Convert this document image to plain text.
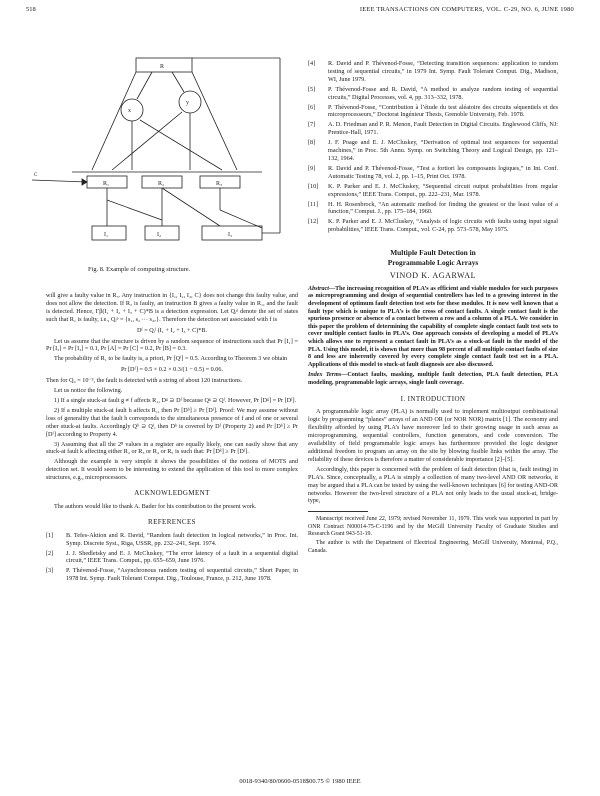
518	IEEE TRANSACTIONS ON COMPUTERS, VOL. C-29, NO. 6, JUNE 1980
R
x
y
R₁	R₂	R₃
C
I₁	I₂	I₃
Fig. 8. Example of computing structure.

will give a faulty value in R₃. Any instruction in {I₁, I₂, I₃, C} does not change this faulty value, and does not allow the detection. If R₂ is faulty, an instruction B gives a faulty value in R₁, and the fault is detected. Hence, Γβ(I₁ + I₂ + I₃ + C)*B is a detection expression. Let Qᵢᵖ denote the set of states such that R₁ is faulty, i.e., Qᵢᵖ = {s₁, s₂ ··· s₄₇}. Therefore the detection set associated with f is

Dᶠ = Qᵢᶠ (I₁ + I₂ + I₃ + C)*B.

Let us assume that the structure is driven by a random sequence of instructions such that Pr [I₁] = Pr [I₂] = Pr [I₃] = 0.1, Pr [A] = Pr [C] = 0.2, Pr [B] = 0.3.

The probability of R₁ to be faulty is, a priori, Pr [Qᶠ] = 0.5. According to Theorem 3 we obtain

Pr [Dᶠ] = 0.5 × 0.2 × 0.3/(1 − 0.5) = 0.06.

Then for Q₀ = 10⁻³, the fault is detected with a string of about 120 instructions.

Let us notice the following.

1) If a single stuck-at fault g ≠ f affects R₁, Dᵍ ⊇ Dᶠ because Qᵍ ⊇ Qᶠ. However, Pr [Dᵍ] = Pr [Dᶠ].

2) If a multiple stuck-at fault h affects R₁, then Pr [Dʰ] ≥ Pr [Dᶠ]. Proof: We may assume without loss of generality that the fault h corresponds to the simultaneous presence of f and of one or several other stuck-at faults. Accordingly Qʰ ⊇ Qᶠ, then Dʰ is covered by Dᶠ (Property 2) and Pr [Dʰ] ≥ Pr [Dᶠ] according to Property 4.

3) Assuming that all the 2⁸ values in a register are equally likely, one can easily show that any stuck-at fault k affecting either R₂ or R₃ or R₄ or R₅ is such that: Pr [Dᵏ] ≥ Pr [Dᶠ].

Although the example is very simple it shows the possibilities of the notions of MOTS and detection set. It would seem to be interesting to extend the application of this tool to more complex structures, e.g., microprocessors.

ACKNOWLEDGMENT

The authors would like to thank A. Bader for his contribution to the present work.

REFERENCES
[1] B. Tefes-Aktion and R. David, “Random fault detection in logical networks,” in Proc. Int. Symp. Discrete Syst., Riga, USSR, pp. 232–241, Sept. 1974.
[2] J. J. Shedletsky and E. J. McCluskey, “The error latency of a fault in a sequential digital circuit,” IEEE Trans. Comput., pp. 655–659, June 1976.
[3] P. Thévenod-Fosse, “Asynchronous random testing of sequential circuits,” Short Paper, in 1978 Int. Symp. Fault Tolerant Comput. Dig., Toulouse, France, p. 212, June 1978.
[4] R. David and P. Thévenod-Fosse, “Detecting transition sequences: application to random testing of sequential circuits,” in 1979 Int. Symp. Fault Tolerant Comput. Dig., Madison, WI, June 1979.
[5] P. Thévenod-Fosse and R. David, “A method to analyze random testing of sequential circuits,” Digital Processes, vol. 4, pp. 313–332, 1978.
[6] P. Thévenod-Fosse, “Contribution à l’étude du test aléatoire des circuits séquentiels et des microprocesseurs,” Doctorat Ingénieur Thesis, Grenoble University, Feb. 1978.
[7] A. D. Friedman and P. R. Menon, Fault Detection in Digital Circuits. Englewood Cliffs, NJ: Prentice-Hall, 1971.
[8] J. F. Poage and E. J. McCluskey, “Derivation of optimal test sequences for sequential machines,” in Proc. 5th Annu. Symp. on Switching Theory and Logical Design, pp. 121–132, 1964.
[9] R. David and P. Thévenod-Fosse, “Test a fortiori les composants logiques,” in Int. Conf. Automatic Testing 78, vol. 2, pp. 1–15, Print Oct. 1978.
[10] K. P. Parker and E. J. McCluskey, “Sequential circuit output probabilities from regular expressions,” IEEE Trans. Comput., pp. 222–231, Mar. 1978.
[11] H. H. Rosenbrock, “An automatic method for finding the greatest or the least value of a function,” Comput. J., pp. 175–184, 1960.
[12] K. P. Parker and E. J. McCluskey, “Analysis of logic circuits with faults using input signal probabilities,” IEEE Trans. Comput., vol. C-24, pp. 573–578, May 1975.
Multiple Fault Detection in
Programmable Logic Arrays
VINOD K. AGARWAL

Abstract—The increasing recognition of PLA’s as efficient and viable modules for such purposes as microprogramming and design of sequential controllers has led to a growing interest in the development of optimum fault detection test sets for these modules. It is now well known that a fault type which is unique to PLA’s is the cross of contact faults. A single contact fault is the spurious presence or absence of a contact between a row and a column of a PLA. We consider in this paper the problem of determining the capability of complete single contact fault test sets to cover multiple contact faults in PLA’s. One approach consists of developing a model of PLA’s which allows one to represent a contact fault in PLA’s as a stuck-at fault in the model of the PLA. Using this model, it is shown that more than 98 percent of all multiple contact faults of size 8 and less are inherently covered by every complete single contact fault test set in a PLA. Applications of this model to stuck-at fault diagnosis are also discussed.

Index Terms—Contact faults, masking, multiple fault detection, PLA fault detection, PLA modeling, programmable logic arrays, single fault coverage.

I. INTRODUCTION

A programmable logic array (PLA) is normally used to implement multioutput combinational logic by programming “planes” arrays of an AND OR (or NOR NOR) matrix [1]. The economy and flexibility afforded by using PLA’s have moreover led to their growing usage in such areas as microprogramming, sequential controllers, function generators, and code conversion. The availability of field programmable logic arrays has furthermore provided the logic designer additional freedom to program an array on the site by blowing fusible links within the array. The reliability of these devices is therefore a matter of considerable importance [2]–[5].

Accordingly, this paper is concerned with the problem of fault detection (that is, fault testing) in PLA’s. Since, conceptually, a PLA is simply a collection of many two-level AND OR networks, it may be argued that a PLA can be tested by using the well-known techniques [6] for testing AND-OR networks. However the two-level structure of a PLA not only leads to the usual stuck-at, bridge-type,

Manuscript received June 22, 1979; revised November 11, 1979. This work was supported in part by ONR Contract N00014-75-C-1196 and by the McGill University Faculty of Graduate Studies and Research Grant 943-51-19.

The author is with the Department of Electrical Engineering, McGill University, Montreal, P.Q., Canada.

0018-9340/80/0600-0518$00.75 © 1980 IEEE
